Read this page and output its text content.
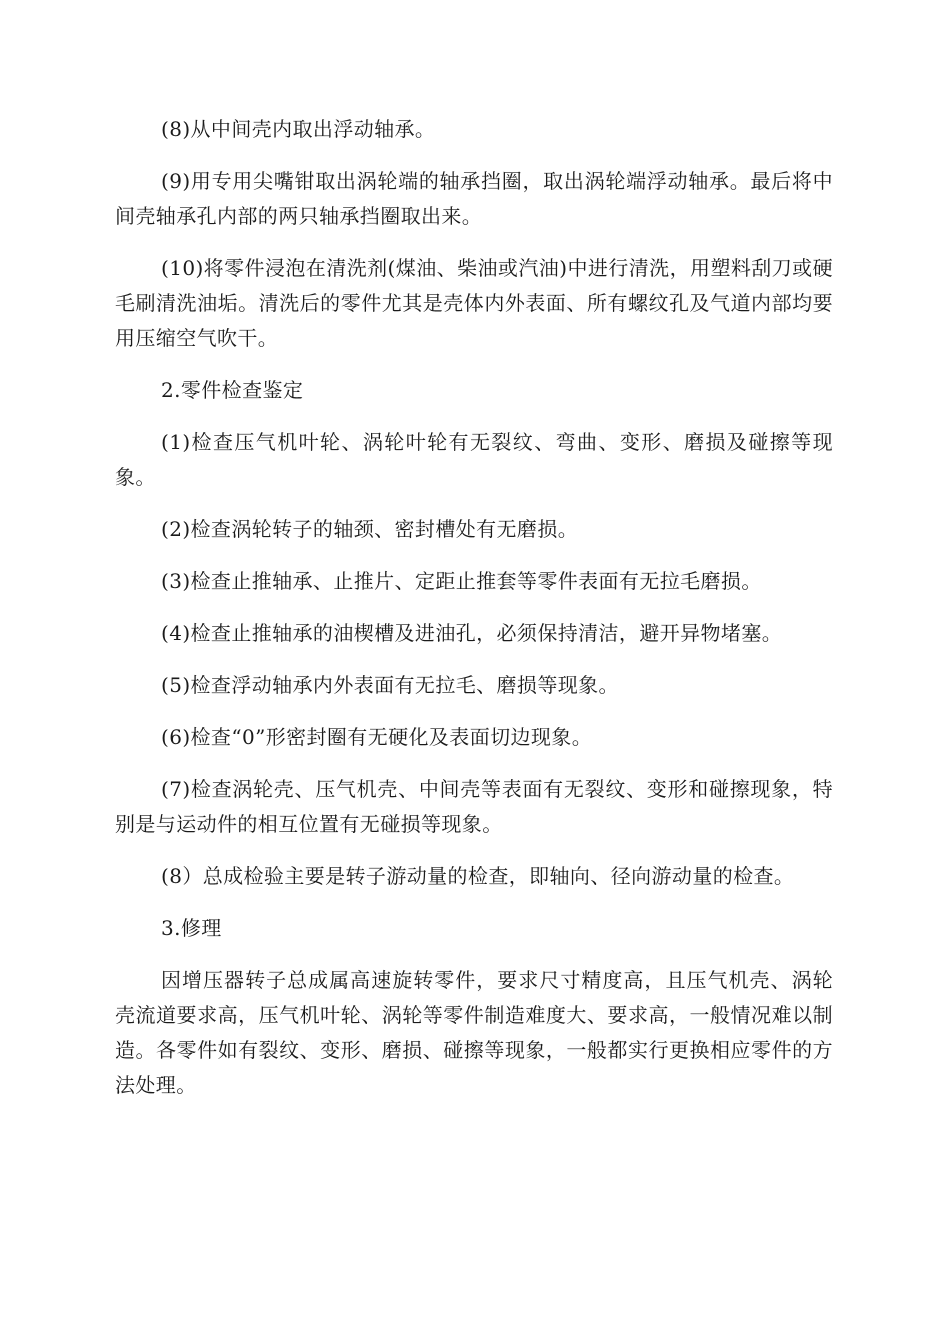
(8)从中间壳内取出浮动轴承。

(9)用专用尖嘴钳取出涡轮端的轴承挡圈，取出涡轮端浮动轴承。最后将中间壳轴承孔内部的两只轴承挡圈取出来。

(10)将零件浸泡在清洗剂(煤油、柴油或汽油)中进行清洗，用塑料刮刀或硬毛刷清洗油垢。清洗后的零件尤其是壳体内外表面、所有螺纹孔及气道内部均要用压缩空气吹干。

2.零件检查鉴定

(1)检查压气机叶轮、涡轮叶轮有无裂纹、弯曲、变形、磨损及碰擦等现象。

(2)检查涡轮转子的轴颈、密封槽处有无磨损。

(3)检查止推轴承、止推片、定距止推套等零件表面有无拉毛磨损。

(4)检查止推轴承的油楔槽及进油孔，必须保持清洁，避开异物堵塞。

(5)检查浮动轴承内外表面有无拉毛、磨损等现象。

(6)检查“0”形密封圈有无硬化及表面切边现象。

(7)检查涡轮壳、压气机壳、中间壳等表面有无裂纹、变形和碰擦现象，特别是与运动件的相互位置有无碰损等现象。

(8）总成检验主要是转子游动量的检查，即轴向、径向游动量的检查。

3.修理

因增压器转子总成属高速旋转零件，要求尺寸精度高，且压气机壳、涡轮壳流道要求高，压气机叶轮、涡轮等零件制造难度大、要求高，一般情况难以制造。各零件如有裂纹、变形、磨损、碰擦等现象，一般都实行更换相应零件的方法处理。
